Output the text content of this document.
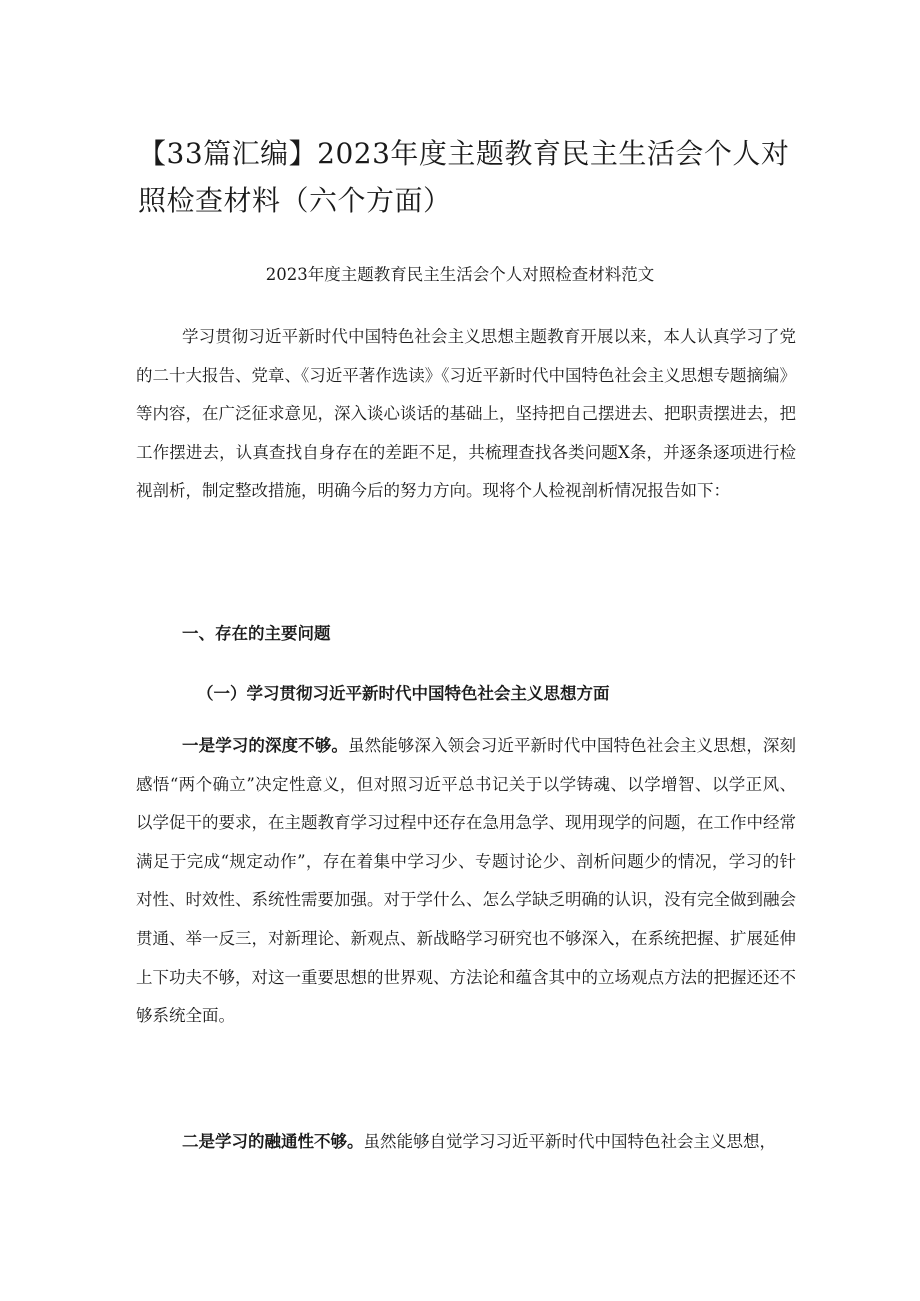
【33篇汇编】2023年度主题教育民主生活会个人对照检查材料（六个方面）

2023年度主题教育民主生活会个人对照检查材料范文

学习贯彻习近平新时代中国特色社会主义思想主题教育开展以来，本人认真学习了党的二十大报告、党章、《习近平著作选读》《习近平新时代中国特色社会主义思想专题摘编》等内容，在广泛征求意见，深入谈心谈话的基础上，坚持把自己摆进去、把职责摆进去，把工作摆进去，认真查找自身存在的差距不足，共梳理查找各类问题X条，并逐条逐项进行检视剖析，制定整改措施，明确今后的努力方向。现将个人检视剖析情况报告如下：

一、存在的主要问题
（一）学习贯彻习近平新时代中国特色社会主义思想方面

一是学习的深度不够。虽然能够深入领会习近平新时代中国特色社会主义思想，深刻感悟“两个确立”决定性意义，但对照习近平总书记关于以学铸魂、以学增智、以学正风、以学促干的要求，在主题教育学习过程中还存在急用急学、现用现学的问题，在工作中经常满足于完成“规定动作”，存在着集中学习少、专题讨论少、剖析问题少的情况，学习的针对性、时效性、系统性需要加强。对于学什么、怎么学缺乏明确的认识，没有完全做到融会贯通、举一反三，对新理论、新观点、新战略学习研究也不够深入，在系统把握、扩展延伸上下功夫不够，对这一重要思想的世界观、方法论和蕴含其中的立场观点方法的把握还还不够系统全面。

二是学习的融通性不够。虽然能够自觉学习习近平新时代中国特色社会主义思想，
